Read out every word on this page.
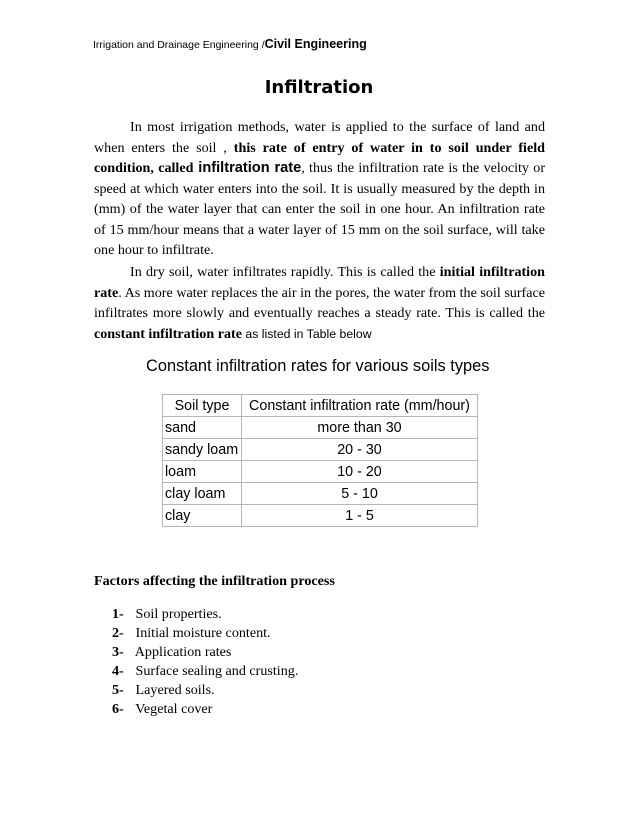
Irrigation and Drainage Engineering /Civil Engineering
Infiltration

In most irrigation methods, water is applied to the surface of land and when enters the soil , this rate of entry of water in to soil under field condition, called infiltration rate, thus the infiltration rate is the velocity or speed at which water enters into the soil. It is usually measured by the depth in (mm) of the water layer that can enter the soil in one hour. An infiltration rate of 15 mm/hour means that a water layer of 15 mm on the soil surface, will take one hour to infiltrate.

In dry soil, water infiltrates rapidly. This is called the initial infiltration rate. As more water replaces the air in the pores, the water from the soil surface infiltrates more slowly and eventually reaches a steady rate. This is called the constant infiltration rate as listed in Table below

Constant infiltration rates for various soils types
Soil type	Constant infiltration rate (mm/hour)
sand	more than 30
sandy loam	20 - 30
loam	10 - 20
clay loam	5 - 10
clay	1 - 5
Factors affecting the infiltration process
1- Soil properties.
2- Initial moisture content.
3- Application rates
4- Surface sealing and crusting.
5- Layered soils.
6- Vegetal cover
